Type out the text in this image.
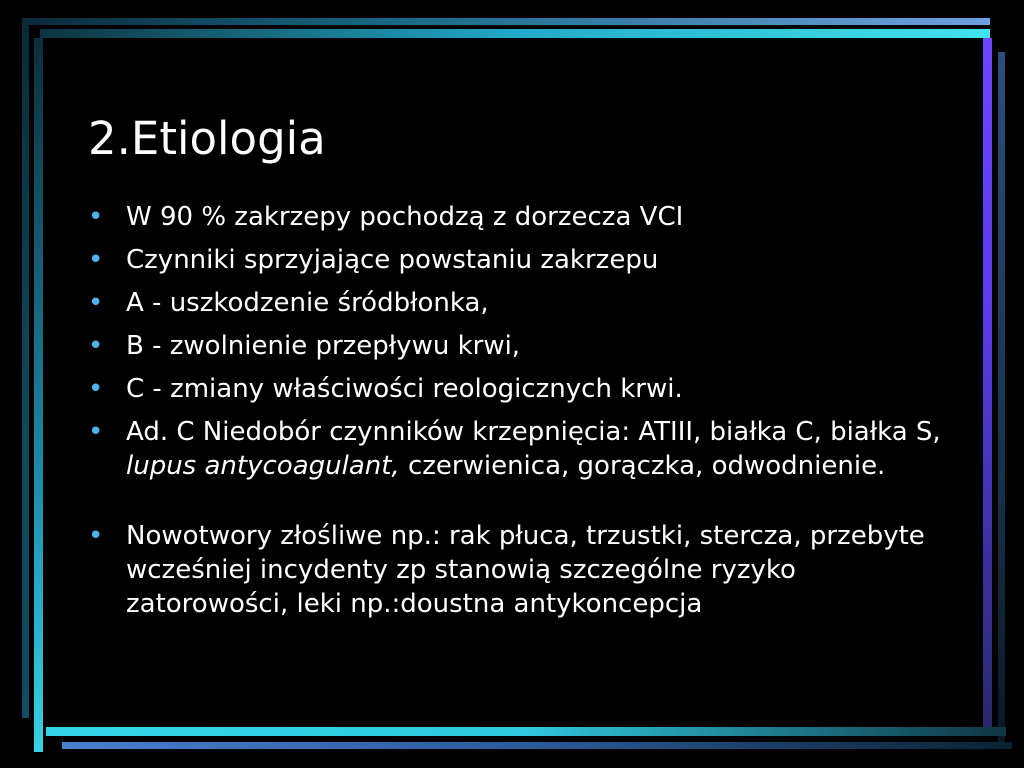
2.Etiologia
• W 90 % zakrzepy pochodzą z dorzecza VCI
• Czynniki sprzyjające powstaniu zakrzepu
• A - uszkodzenie śródbłonka,
• B - zwolnienie przepływu krwi,
• C - zmiany właściwości reologicznych krwi.
• Ad. C Niedobór czynników krzepnięcia: ATIII, białka C, białka S, lupus antycoagulant, czerwienica, gorączka, odwodnienie.
• Nowotwory złośliwe np.: rak płuca, trzustki, stercza, przebyte wcześniej incydenty zp stanowią szczególne ryzyko zatorowości, leki np.:doustna antykoncepcja
